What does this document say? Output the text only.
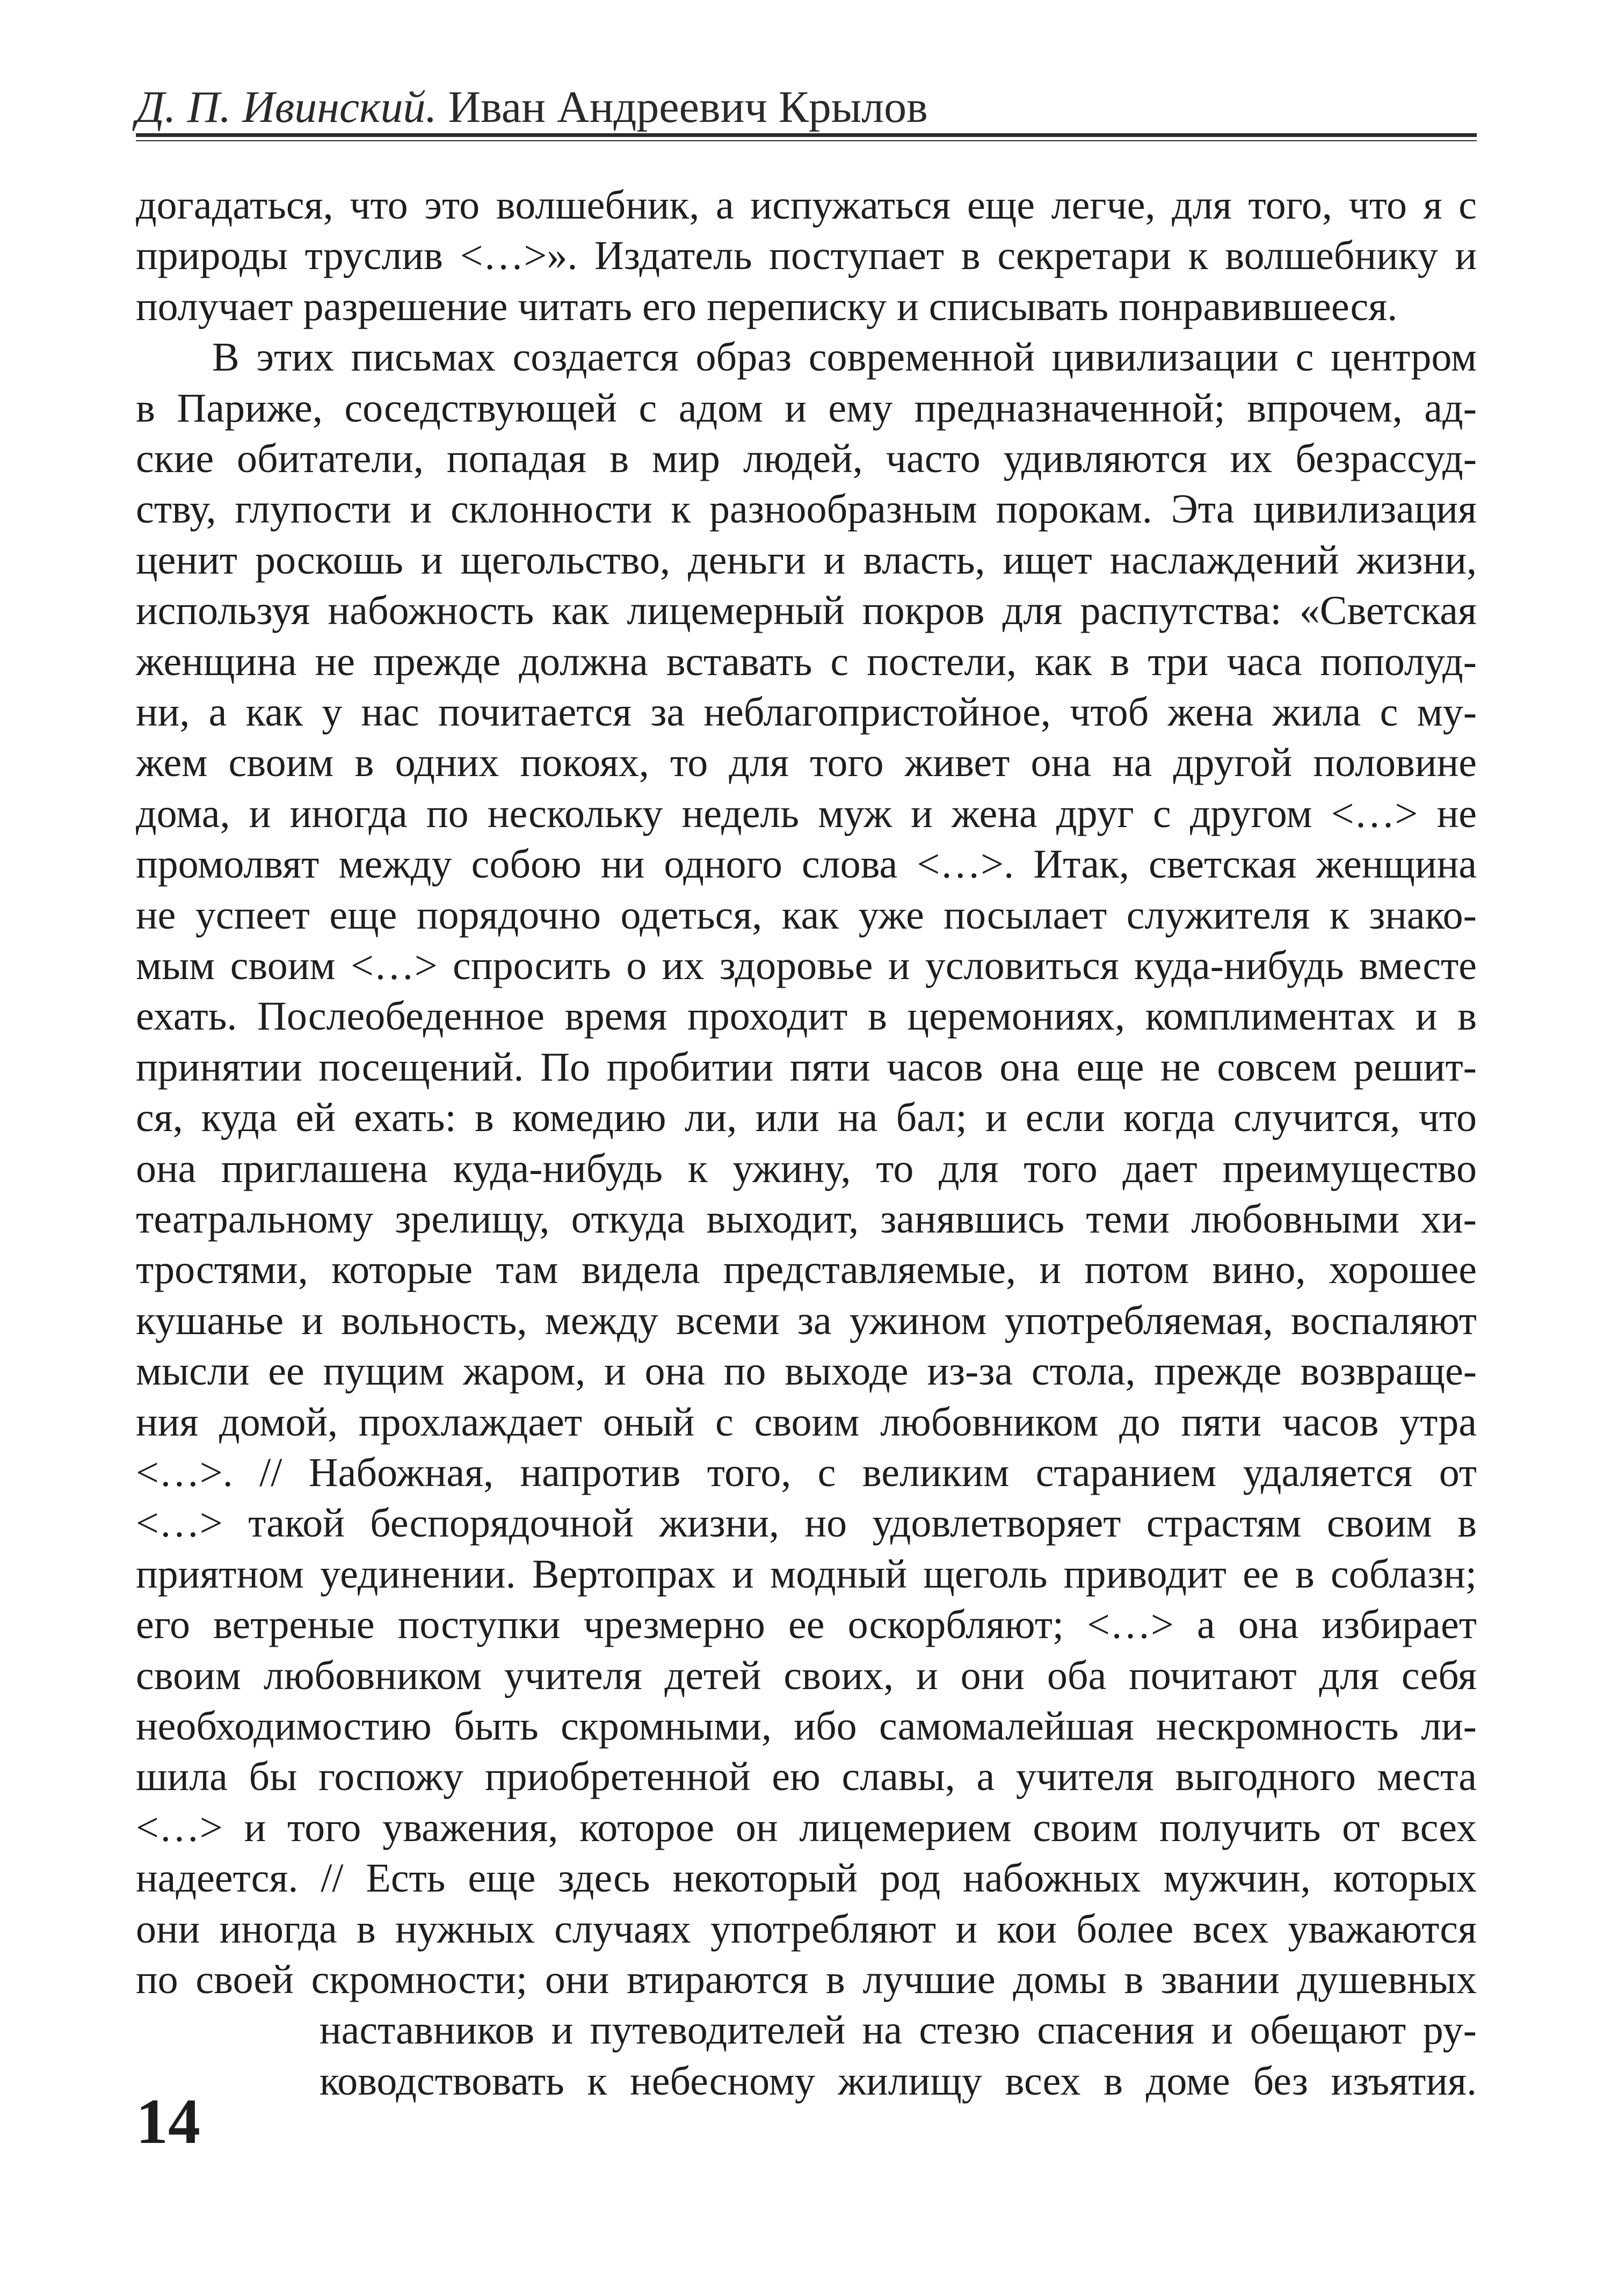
Д. П. Ивинский. Иван Андреевич Крылов
догадаться, что это волшебник, а испужаться еще легче, для того, что я с
природы труслив <…>». Издатель поступает в секретари к волшебнику и
получает разрешение читать его переписку и списывать понравившееся.
В этих письмах создается образ современной цивилизации с центром
в Париже, соседствующей с адом и ему предназначенной; впрочем, ад-
ские обитатели, попадая в мир людей, часто удивляются их безрассуд-
ству, глупости и склонности к разнообразным порокам. Эта цивилизация
ценит роскошь и щегольство, деньги и власть, ищет наслаждений жизни,
используя набожность как лицемерный покров для распутства: «Светская
женщина не прежде должна вставать с постели, как в три часа пополуд-
ни, а как у нас почитается за неблагопристойное, чтоб жена жила с му-
жем своим в одних покоях, то для того живет она на другой половине
дома, и иногда по нескольку недель муж и жена друг с другом <…> не
промолвят между собою ни одного слова <…>. Итак, светская женщина
не успеет еще порядочно одеться, как уже посылает служителя к знако-
мым своим <…> спросить о их здоровье и условиться куда-нибудь вместе
ехать. Послеобеденное время проходит в церемониях, комплиментах и в
принятии посещений. По пробитии пяти часов она еще не совсем решит-
ся, куда ей ехать: в комедию ли, или на бал; и если когда случится, что
она приглашена куда-нибудь к ужину, то для того дает преимущество
театральному зрелищу, откуда выходит, занявшись теми любовными хи-
тростями, которые там видела представляемые, и потом вино, хорошее
кушанье и вольность, между всеми за ужином употребляемая, воспаляют
мысли ее пущим жаром, и она по выходе из-за стола, прежде возвраще-
ния домой, прохлаждает оный с своим любовником до пяти часов утра
<…>. // Набожная, напротив того, с великим старанием удаляется от
<…> такой беспорядочной жизни, но удовлетворяет страстям своим в
приятном уединении. Вертопрах и модный щеголь приводит ее в соблазн;
его ветреные поступки чрезмерно ее оскорбляют; <…> а она избирает
своим любовником учителя детей своих, и они оба почитают для себя
необходимостию быть скромными, ибо самомалейшая нескромность ли-
шила бы госпожу приобретенной ею славы, а учителя выгодного места
<…> и того уважения, которое он лицемерием своим получить от всех
надеется. // Есть еще здесь некоторый род набожных мужчин, которых
они иногда в нужных случаях употребляют и кои более всех уважаются
по своей скромности; они втираются в лучшие домы в звании душевных
наставников и путеводителей на стезю спасения и обещают ру-
ководствовать к небесному жилищу всех в доме без изъятия.
14
